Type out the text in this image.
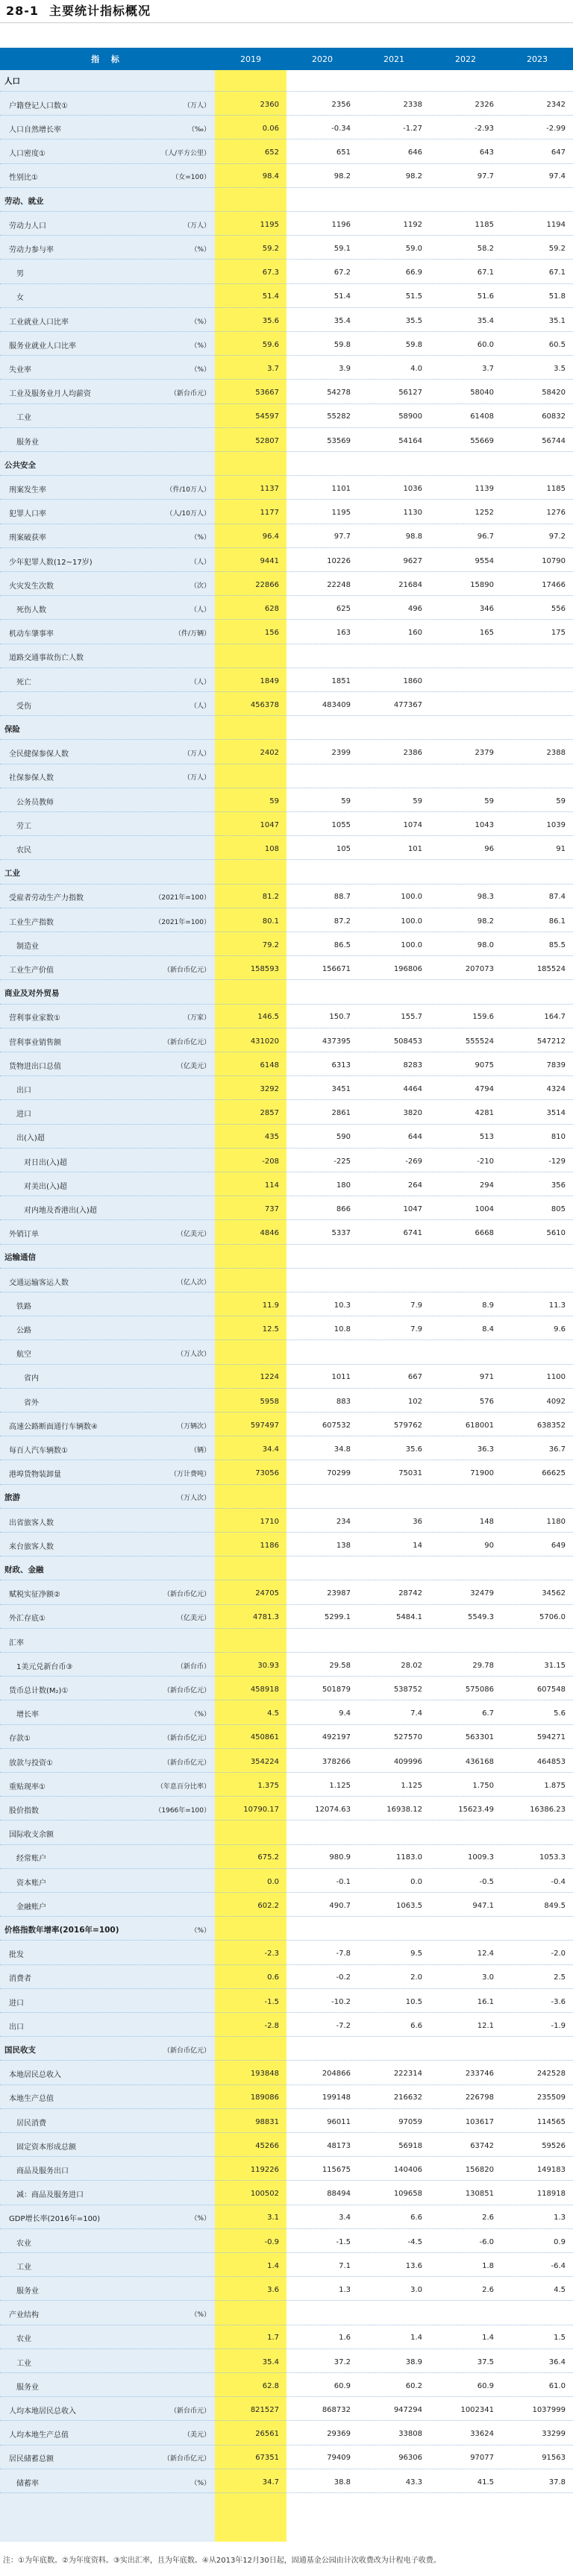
28-1 主要统计指标概况
指 标	2019	2020	2021	2022	2023
人口
户籍登记人口数①	（万人）	2360	2356	2338	2326	2342
人口自然增长率	（‰）	0.06	-0.34	-1.27	-2.93	-2.99
人口密度①	（人/平方公里）	652	651	646	643	647
性别比①	（女=100）	98.4	98.2	98.2	97.7	97.4
劳动、就业
劳动力人口	（万人）	1195	1196	1192	1185	1194
劳动力参与率	（%）	59.2	59.1	59.0	58.2	59.2
男	67.3	67.2	66.9	67.1	67.1
女	51.4	51.4	51.5	51.6	51.8
工业就业人口比率	（%）	35.6	35.4	35.5	35.4	35.1
服务业就业人口比率	（%）	59.6	59.8	59.8	60.0	60.5
失业率	（%）	3.7	3.9	4.0	3.7	3.5
工业及服务业月人均薪资	（新台币元）	53667	54278	56127	58040	58420
工业	54597	55282	58900	61408	60832
服务业	52807	53569	54164	55669	56744
公共安全
刑案发生率	（件/10万人）	1137	1101	1036	1139	1185
犯罪人口率	（人/10万人）	1177	1195	1130	1252	1276
刑案破获率	（%）	96.4	97.7	98.8	96.7	97.2
少年犯罪人数(12~17岁)	（人）	9441	10226	9627	9554	10790
火灾发生次数	（次）	22866	22248	21684	15890	17466
死伤人数	（人）	628	625	496	346	556
机动车肇事率	（件/万辆）	156	163	160	165	175
道路交通事故伤亡人数
死亡	（人）	1849	1851	1860
受伤	（人）	456378	483409	477367
保险
全民健保参保人数	（万人）	2402	2399	2386	2379	2388
社保参保人数	（万人）
公务员教师	59	59	59	59	59
劳工	1047	1055	1074	1043	1039
农民	108	105	101	96	91
工业
受雇者劳动生产力指数	（2021年=100）	81.2	88.7	100.0	98.3	87.4
工业生产指数	（2021年=100）	80.1	87.2	100.0	98.2	86.1
制造业	79.2	86.5	100.0	98.0	85.5
工业生产价值	（新台币亿元）	158593	156671	196806	207073	185524
商业及对外贸易
营利事业家数①	（万家）	146.5	150.7	155.7	159.6	164.7
营利事业销售额	（新台币亿元）	431020	437395	508453	555524	547212
货物进出口总值	（亿美元）	6148	6313	8283	9075	7839
出口	3292	3451	4464	4794	4324
进口	2857	2861	3820	4281	3514
出(入)超	435	590	644	513	810
对日出(入)超	-208	-225	-269	-210	-129
对美出(入)超	114	180	264	294	356
对内地及香港出(入)超	737	866	1047	1004	805
外销订单	（亿美元）	4846	5337	6741	6668	5610
运输通信
交通运输客运人数	（亿人次）
铁路	11.9	10.3	7.9	8.9	11.3
公路	12.5	10.8	7.9	8.4	9.6
航空	（万人次）
省内	1224	1011	667	971	1100
省外	5958	883	102	576	4092
高速公路断面通行车辆数④	（万辆次）	597497	607532	579762	618001	638352
每百人汽车辆数①	（辆）	34.4	34.8	35.6	36.3	36.7
港埠货物装卸量	（万计费吨）	73056	70299	75031	71900	66625
旅游	（万人次）
出省旅客人数	1710	234	36	148	1180
来台旅客人数	1186	138	14	90	649
财政、金融
赋税实征净额②	（新台币亿元）	24705	23987	28742	32479	34562
外汇存底①	（亿美元）	4781.3	5299.1	5484.1	5549.3	5706.0
汇率
1美元兑新台币③	（新台币）	30.93	29.58	28.02	29.78	31.15
货币总计数(M₂)①	（新台币亿元）	458918	501879	538752	575086	607548
增长率	（%）	4.5	9.4	7.4	6.7	5.6
存款①	（新台币亿元）	450861	492197	527570	563301	594271
放款与投资①	（新台币亿元）	354224	378266	409996	436168	464853
重贴现率①	（年息百分比率）	1.375	1.125	1.125	1.750	1.875
股价指数	（1966年=100）	10790.17	12074.63	16938.12	15623.49	16386.23
国际收支余额
经常账户	675.2	980.9	1183.0	1009.3	1053.3
资本账户	0.0	-0.1	0.0	-0.5	-0.4
金融账户	602.2	490.7	1063.5	947.1	849.5
价格指数年增率(2016年=100)	（%）
批发	-2.3	-7.8	9.5	12.4	-2.0
消费者	0.6	-0.2	2.0	3.0	2.5
进口	-1.5	-10.2	10.5	16.1	-3.6
出口	-2.8	-7.2	6.6	12.1	-1.9
国民收支	（新台币亿元）
本地居民总收入	193848	204866	222314	233746	242528
本地生产总值	189086	199148	216632	226798	235509
居民消费	98831	96011	97059	103617	114565
固定资本形成总额	45266	48173	56918	63742	59526
商品及服务出口	119226	115675	140406	156820	149183
减：商品及服务进口	100502	88494	109658	130851	118918
GDP增长率(2016年=100)	（%）	3.1	3.4	6.6	2.6	1.3
农业	-0.9	-1.5	-4.5	-6.0	0.9
工业	1.4	7.1	13.6	1.8	-6.4
服务业	3.6	1.3	3.0	2.6	4.5
产业结构	（%）
农业	1.7	1.6	1.4	1.4	1.5
工业	35.4	37.2	38.9	37.5	36.4
服务业	62.8	60.9	60.2	60.9	61.0
人均本地居民总收入	（新台币元）	821527	868732	947294	1002341	1037999
人均本地生产总值	（美元）	26561	29369	33808	33624	33299
居民储蓄总额	（新台币亿元）	67351	79409	96306	97077	91563
储蓄率	（%）	34.7	38.8	43.3	41.5	37.8
注：①为年底数。②为年度资料。③实出汇率，且为年底数。④从2013年12月30日起，固通基金公园由计次收费改为计程电子收费。
